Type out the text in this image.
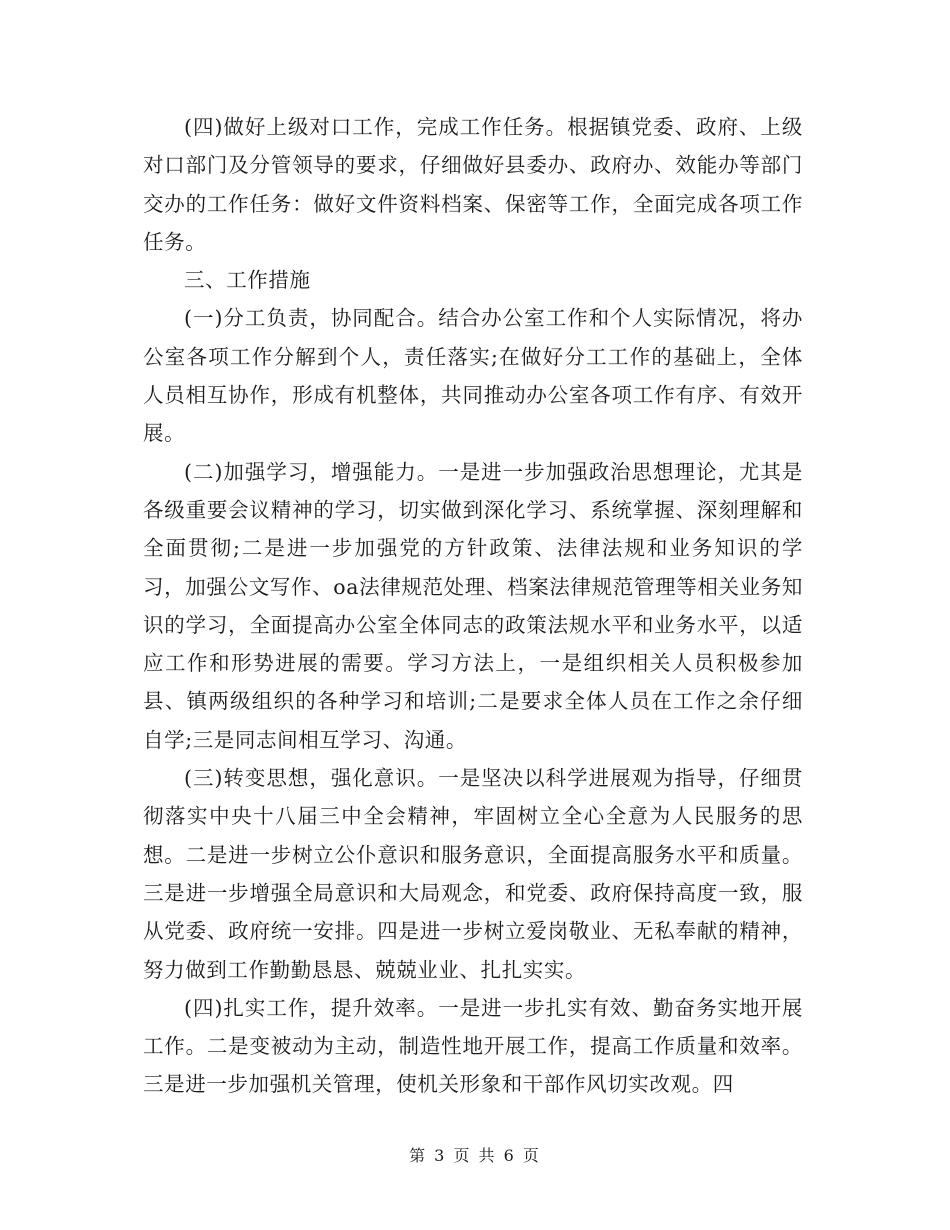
(四)做好上级对口工作，完成工作任务。根据镇党委、政府、上级对口部门及分管领导的要求，仔细做好县委办、政府办、效能办等部门交办的工作任务：做好文件资料档案、保密等工作，全面完成各项工作任务。

三、工作措施

(一)分工负责，协同配合。结合办公室工作和个人实际情况，将办公室各项工作分解到个人，责任落实;在做好分工工作的基础上，全体人员相互协作，形成有机整体，共同推动办公室各项工作有序、有效开展。

(二)加强学习，增强能力。一是进一步加强政治思想理论，尤其是各级重要会议精神的学习，切实做到深化学习、系统掌握、深刻理解和全面贯彻;二是进一步加强党的方针政策、法律法规和业务知识的学习，加强公文写作、oa法律规范处理、档案法律规范管理等相关业务知识的学习，全面提高办公室全体同志的政策法规水平和业务水平，以适应工作和形势进展的需要。学习方法上，一是组织相关人员积极参加县、镇两级组织的各种学习和培训;二是要求全体人员在工作之余仔细自学;三是同志间相互学习、沟通。

(三)转变思想，强化意识。一是坚决以科学进展观为指导，仔细贯彻落实中央十八届三中全会精神，牢固树立全心全意为人民服务的思想。二是进一步树立公仆意识和服务意识，全面提高服务水平和质量。三是进一步增强全局意识和大局观念，和党委、政府保持高度一致，服从党委、政府统一安排。四是进一步树立爱岗敬业、无私奉献的精神，努力做到工作勤勤恳恳、兢兢业业、扎扎实实。

(四)扎实工作，提升效率。一是进一步扎实有效、勤奋务实地开展工作。二是变被动为主动，制造性地开展工作，提高工作质量和效率。三是进一步加强机关管理，使机关形象和干部作风切实改观。四

第 3 页 共 6 页
